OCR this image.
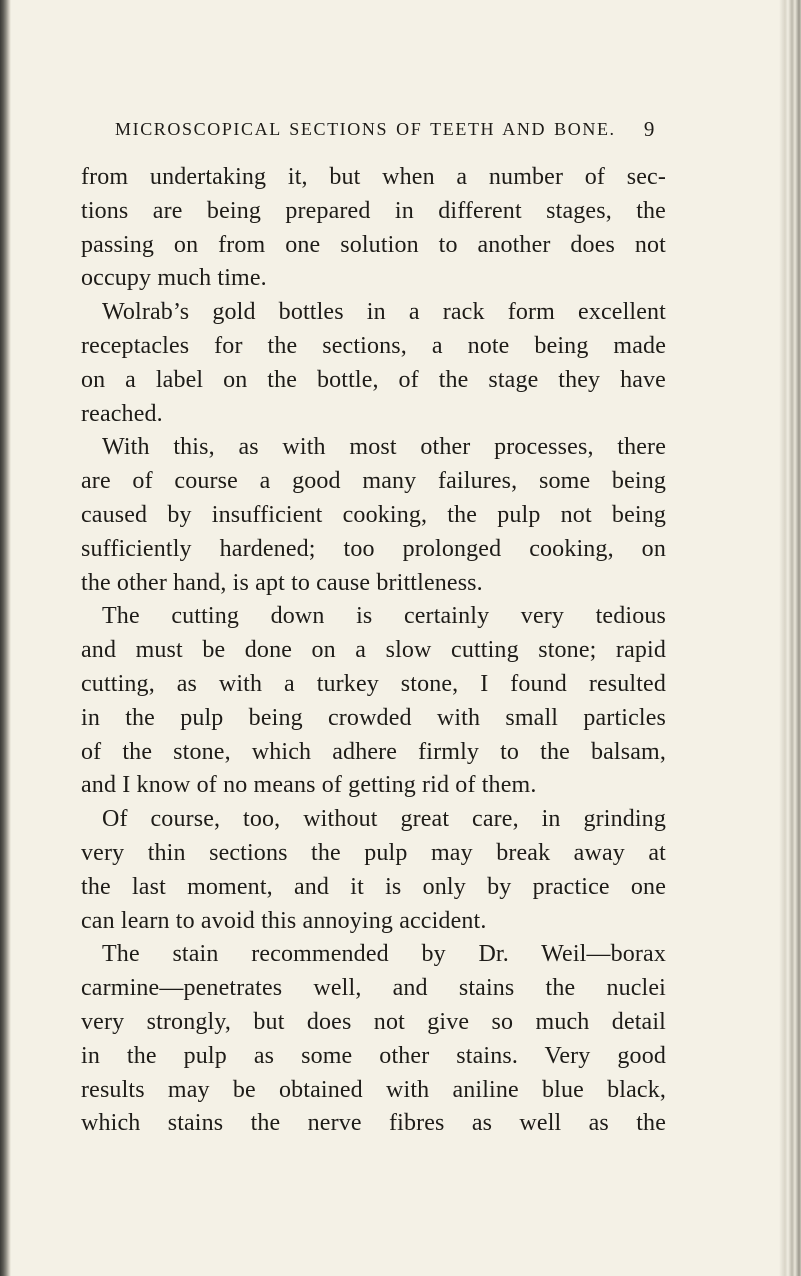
MICROSCOPICAL SECTIONS OF TEETH AND BONE. 9
from undertaking it, but when a number of sec-
tions are being prepared in different stages, the
passing on from one solution to another does not
occupy much time.
Wolrab’s gold bottles in a rack form excellent
receptacles for the sections, a note being made
on a label on the bottle, of the stage they have
reached.
With this, as with most other processes, there
are of course a good many failures, some being
caused by insufficient cooking, the pulp not being
sufficiently hardened; too prolonged cooking, on
the other hand, is apt to cause brittleness.
The cutting down is certainly very tedious
and must be done on a slow cutting stone; rapid
cutting, as with a turkey stone, I found resulted
in the pulp being crowded with small particles
of the stone, which adhere firmly to the balsam,
and I know of no means of getting rid of them.
Of course, too, without great care, in grinding
very thin sections the pulp may break away at
the last moment, and it is only by practice one
can learn to avoid this annoying accident.
The stain recommended by Dr. Weil—borax
carmine—penetrates well, and stains the nuclei
very strongly, but does not give so much detail
in the pulp as some other stains. Very good
results may be obtained with aniline blue black,
which stains the nerve fibres as well as the
